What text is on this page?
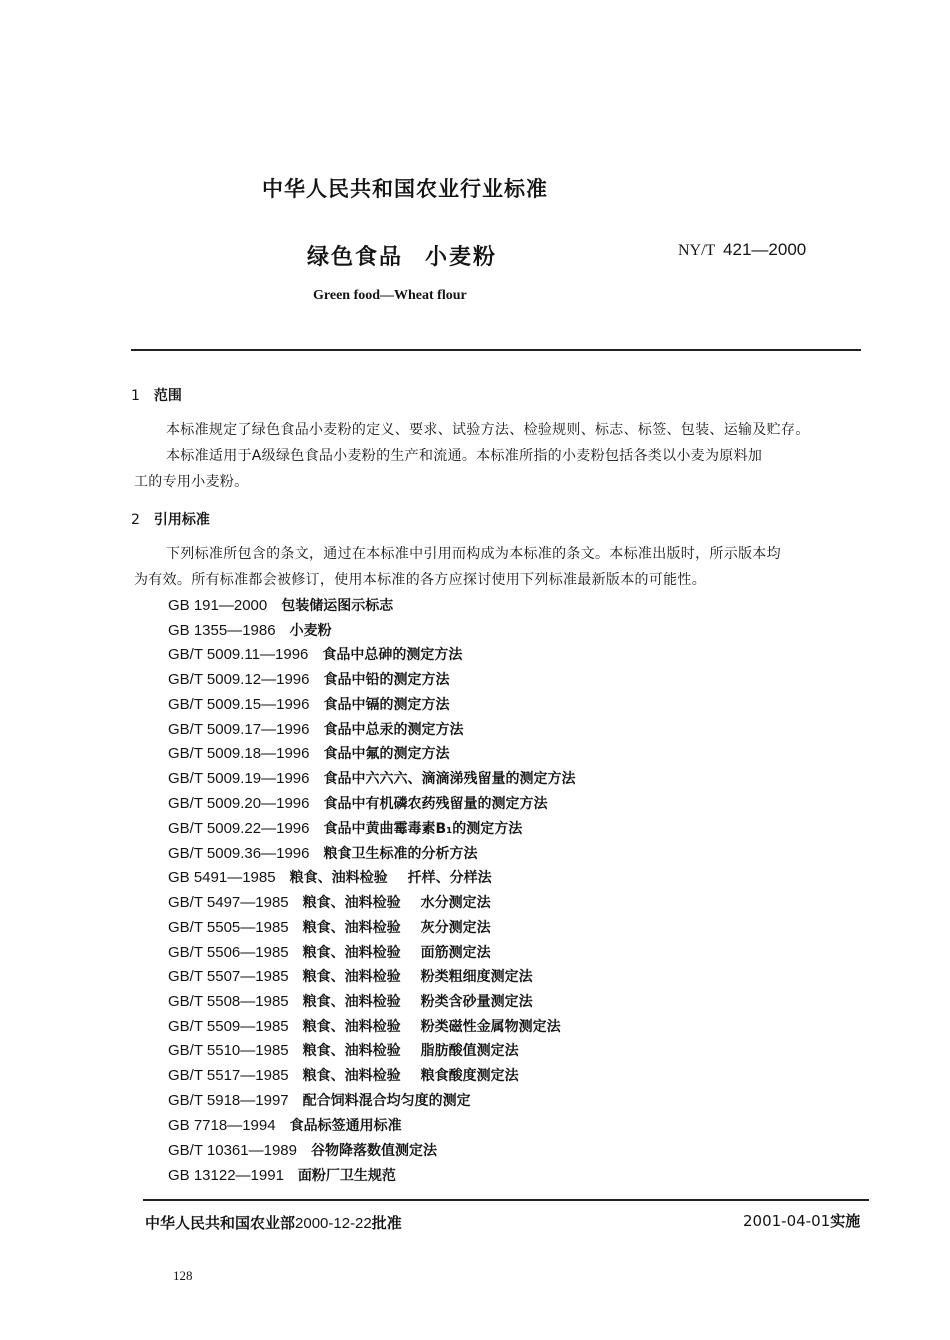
中华人民共和国农业行业标准
绿色食品 小麦粉	NY/T 421—2000
Green food—Wheat flour
1 范围
本标准规定了绿色食品小麦粉的定义、要求、试验方法、检验规则、标志、标签、包装、运输及贮存。
本标准适用于A级绿色食品小麦粉的生产和流通。本标准所指的小麦粉包括各类以小麦为原料加
工的专用小麦粉。
2 引用标准
下列标准所包含的条文，通过在本标准中引用而构成为本标准的条文。本标准出版时，所示版本均
为有效。所有标准都会被修订，使用本标准的各方应探讨使用下列标准最新版本的可能性。
GB 191—2000 包装储运图示标志
GB 1355—1986 小麦粉
GB/T 5009.11—1996 食品中总砷的测定方法
GB/T 5009.12—1996 食品中铅的测定方法
GB/T 5009.15—1996 食品中镉的测定方法
GB/T 5009.17—1996 食品中总汞的测定方法
GB/T 5009.18—1996 食品中氟的测定方法
GB/T 5009.19—1996 食品中六六六、滴滴涕残留量的测定方法
GB/T 5009.20—1996 食品中有机磷农药残留量的测定方法
GB/T 5009.22—1996 食品中黄曲霉毒素B₁的测定方法
GB/T 5009.36—1996 粮食卫生标准的分析方法
GB 5491—1985 粮食、油料检验 扦样、分样法
GB/T 5497—1985 粮食、油料检验 水分测定法
GB/T 5505—1985 粮食、油料检验 灰分测定法
GB/T 5506—1985 粮食、油料检验 面筋测定法
GB/T 5507—1985 粮食、油料检验 粉类粗细度测定法
GB/T 5508—1985 粮食、油料检验 粉类含砂量测定法
GB/T 5509—1985 粮食、油料检验 粉类磁性金属物测定法
GB/T 5510—1985 粮食、油料检验 脂肪酸值测定法
GB/T 5517—1985 粮食、油料检验 粮食酸度测定法
GB/T 5918—1997 配合饲料混合均匀度的测定
GB 7718—1994 食品标签通用标准
GB/T 10361—1989 谷物降落数值测定法
GB 13122—1991 面粉厂卫生规范
中华人民共和国农业部2000-12-22批准	2001-04-01实施
128
